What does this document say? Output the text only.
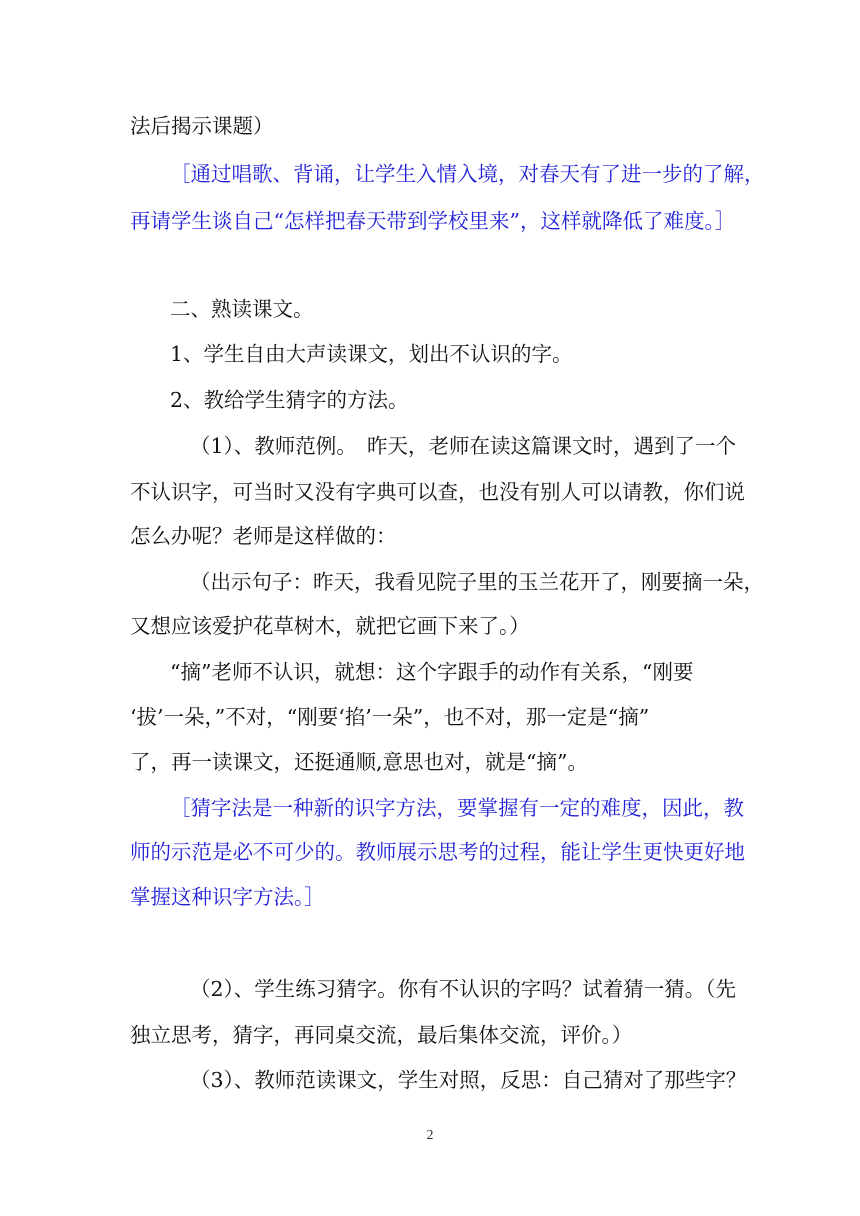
法后揭示课题）
［通过唱歌、背诵，让学生入情入境，对春天有了进一步的了解，
再请学生谈自己“怎样把春天带到学校里来”，这样就降低了难度。］
二、熟读课文。
1、学生自由大声读课文，划出不认识的字。
2、教给学生猜字的方法。
（1）、教师范例。　昨天，老师在读这篇课文时，遇到了一个
不认识字，可当时又没有字典可以查，也没有别人可以请教，你们说
怎么办呢？老师是这样做的：
（出示句子：昨天，我看见院子里的玉兰花开了，刚要摘一朵，
又想应该爱护花草树木，就把它画下来了。）
“摘”老师不认识，就想：这个字跟手的动作有关系，“刚要
‘拔’一朵，”不对，“刚要‘掐’一朵”，也不对，那一定是“摘”
了，再一读课文，还挺通顺,意思也对，就是“摘”。
［猜字法是一种新的识字方法，要掌握有一定的难度，因此，教
师的示范是必不可少的。教师展示思考的过程，能让学生更快更好地
掌握这种识字方法。］
（2）、学生练习猜字。你有不认识的字吗？试着猜一猜。（先
独立思考，猜字，再同桌交流，最后集体交流，评价。）
（3）、教师范读课文，学生对照，反思：自己猜对了那些字？
2
